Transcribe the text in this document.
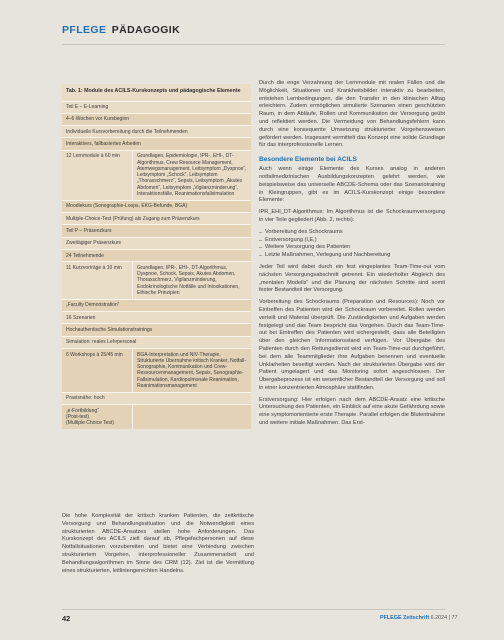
PFLEGE PÄDAGOGIK
Tab. 1: Module des ACILS-Kurskonzepts und pädagogische Elemente
Teil E – E-Learning
4–6 Wochen vor Kursbeginn
Individuelle Kursvorbereitung durch die Teilnehmenden
Interaktives, fallbasiertes Arbeiten
12 Lernmodule à 60 min	Grundlagen, Epidemiologie, IPR-, EHI-, DT-Algorithmus, Crew Resource Management, Atemwegsmanagement, Leitsymptom „Dyspnoe“, Leitsymptom „Schock“, Leitsymptom „Thoraxschmerz“, Sepsis, Leitsymptom „Akutes Abdomen“, Leitsymptom „Vigilanzminderung“, Interaktionsfälle, Reanimationsfallsimulation
Moodlekurs (Sonographie-Loops, EKG-Befunde, BGA)
Multiple-Choice-Test (Prüfung) als Zugang zum Präsenzkurs
Teil P – Präsenzkurs
Zweitägiger Präsenzkurs
24 Teilnehmende
11 Kurzvorträge à 10 min	Grundlagen, IPR-, EHI-, DT-Algorithmus, Dyspnoe, Schock, Sepsis, Akutes Abdomen, Thoraxschmerz, Vigilanzminderung, Endokrinologische Notfälle und Intoxikationen, Ethische Prinzipien
„Faculty Demonstration“
16 Szenarien
Hochauthentische Simulationstrainings
Simulation: reales Lehrpersonal
6 Workshops à 25/45 min	BGA-Interpretation und NIV-Therapie, Strukturierte Übernahme kritisch Kranker, Notfall-Sonographie, Kommunikation und Crew-Ressourcenmanagement, Sepsis, Sonographie-Fallsimulation, Kardiopulmonale Reanimation, Reanimationsmanagement
Praxisnähe: hoch
„e-Fortbildung“
(Post-test)
(Multiple Choice Test)
Die hohe Komplexität der kritisch kranken Patienten, die zeitkritische Versorgung und Behandlungssituation und die Notwendigkeit eines strukturierten ABCDE-Ansatzes stellen hohe Anforderungen. Das Kurskonzept des ACILS zielt darauf ab, Pflegefachpersonen auf diese Notfallsituationen vorzubereiten und bietet eine Verbindung zwischen strukturiertem Vorgehen, interprofessioneller Zusammenarbeit und Behandlungsalgorithmen im Sinne des CRM (12). Ziel ist die Vermittlung eines strukturierten, leitliniengerechten Handelns.

Durch die enge Verzahnung der Lernmodule mit realen Fällen und die Möglichkeit, Situationen und Krankheitsbilder interaktiv zu bearbeiten, entstehen Lernbedingungen, die den Transfer in den klinischen Alltag erleichtern. Zudem ermöglichen simulierte Szenarien einen geschützten Raum, in dem Abläufe, Rollen und Kommunikation der Versorgung geübt und reflektiert werden. Die Vermeidung von Behandlungsfehlern kann durch eine konsequente Umsetzung strukturierter Vorgehensweisen gefördert werden. Insgesamt vermittelt das Konzept eine solide Grundlage für das interprofessionelle Lernen.

Besondere Elemente bei ACILS

Auch wenn einige Elemente des Kurses analog in anderen notfallmedizinischen Ausbildungskonzepten gelehrt werden, wie beispielsweise das universelle ABCDE-Schema oder das Szenariotraining in Kleingruppen, gibt es im ACILS-Kurskonzept einige besondere Elemente:

IPR_EHI_DT-Algorithmus: Im Algorithmus ist die Schockraumversorgung in vier Teile gegliedert (Abb. 2, rechts):

_ Vorbereitung des Schockraums
_ Erstversorgung (I,E,)
_ Weitere Versorgung des Patienten
_ Letzte Maßnahmen, Verlegung und Nachbereitung

Jeder Teil wird dabei durch ein fest eingeplantes Team-Time-out vom nächsten Versorgungsabschnitt getrennt. Ein wiederholter Abgleich des „mentalen Modells“ und die Planung der nächsten Schritte sind somit fester Bestandteil der Versorgung.

Vorbereitung des Schockraums (Preparation und Resources): Noch vor Eintreffen des Patienten wird der Schockraum vorbereitet. Rollen werden verteilt und Material überprüft. Die Zuständigkeiten und Aufgaben werden festgelegt und das Team bespricht das Vorgehen. Durch das Team-Time-out bei Eintreffen des Patienten wird sichergestellt, dass alle Beteiligten über den gleichen Informationsstand verfügen. Vor Übergabe des Patienten durch den Rettungsdienst wird ein Team-Time-out durchgeführt, bei dem alle Teammitglieder ihre Aufgaben benennen und eventuelle Unklarheiten beseitigt werden. Nach der strukturierten Übergabe wird der Patient umgelagert und das Monitoring sofort angeschlossen. Der Übergabeprozess ist ein wesentlicher Bestandteil der Versorgung und soll in einer konzentrierten Atmosphäre stattfinden.

Erstversorgung: Hier erfolgen nach dem ABCDE-Ansatz eine kritische Untersuchung des Patienten, ein Einblick auf eine akute Gefährdung sowie eine symptomorientierte erste Therapie. Parallel erfolgen die Blutentnahme und weitere initiale Maßnahmen. Das Erst-

42	PFLEGE Zeitschrift 6.2024 | 77
